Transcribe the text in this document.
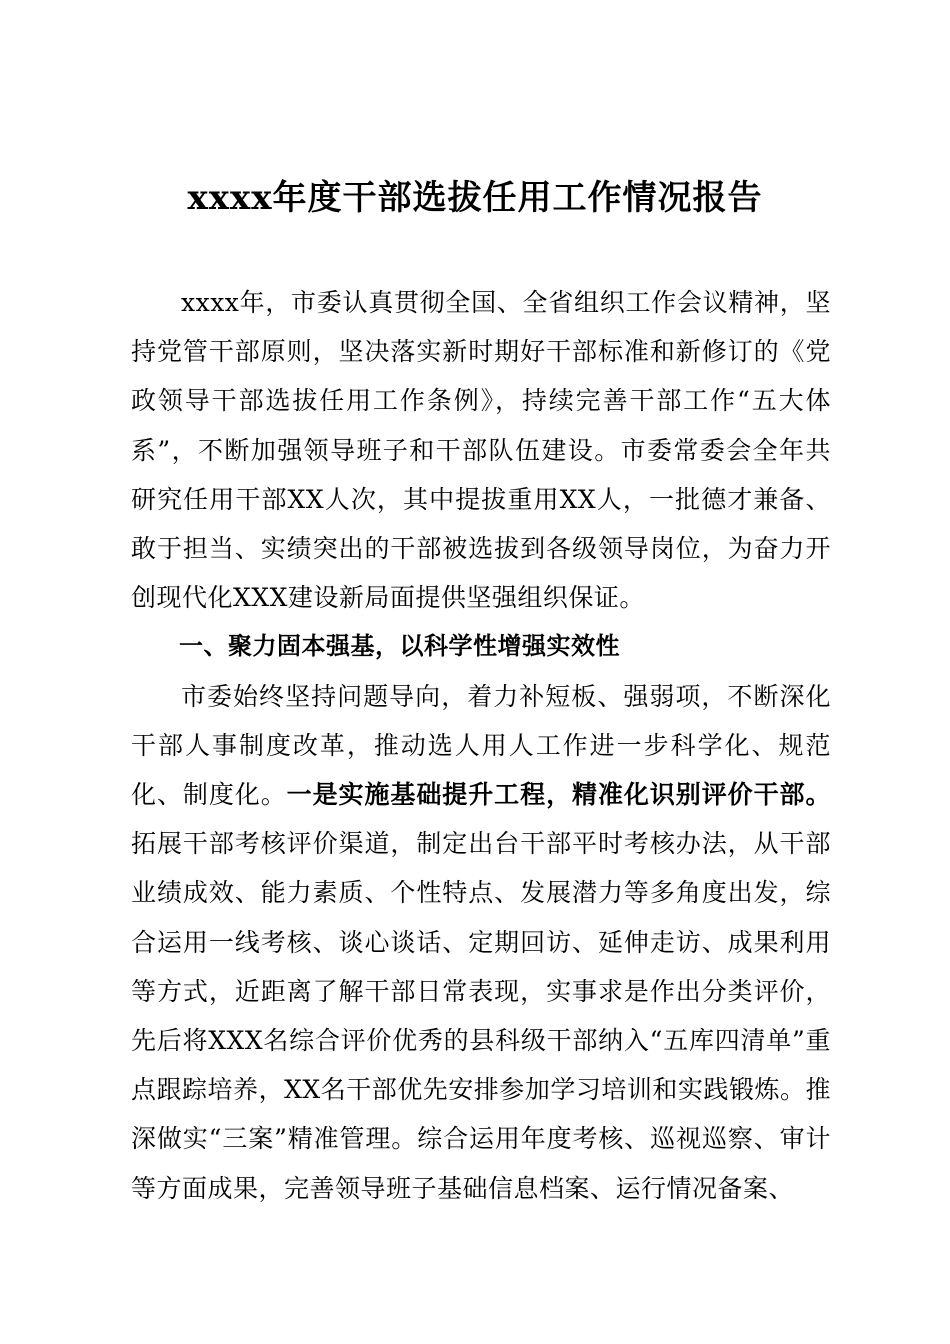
xxxx年度干部选拔任用工作情况报告

xxxx年，市委认真贯彻全国、全省组织工作会议精神，坚持党管干部原则，坚决落实新时期好干部标准和新修订的《党政领导干部选拔任用工作条例》，持续完善干部工作“五大体系”，不断加强领导班子和干部队伍建设。市委常委会全年共研究任用干部XX人次，其中提拔重用XX人，一批德才兼备、敢于担当、实绩突出的干部被选拔到各级领导岗位，为奋力开创现代化XXX建设新局面提供坚强组织保证。

一、聚力固本强基，以科学性增强实效性

市委始终坚持问题导向，着力补短板、强弱项，不断深化干部人事制度改革，推动选人用人工作进一步科学化、规范化、制度化。一是实施基础提升工程，精准化识别评价干部。拓展干部考核评价渠道，制定出台干部平时考核办法，从干部业绩成效、能力素质、个性特点、发展潜力等多角度出发，综合运用一线考核、谈心谈话、定期回访、延伸走访、成果利用等方式，近距离了解干部日常表现，实事求是作出分类评价，先后将XXX名综合评价优秀的县科级干部纳入“五库四清单”重点跟踪培养，XX名干部优先安排参加学习培训和实践锻炼。推深做实“三案”精准管理。综合运用年度考核、巡视巡察、审计等方面成果，完善领导班子基础信息档案、运行情况备案、
